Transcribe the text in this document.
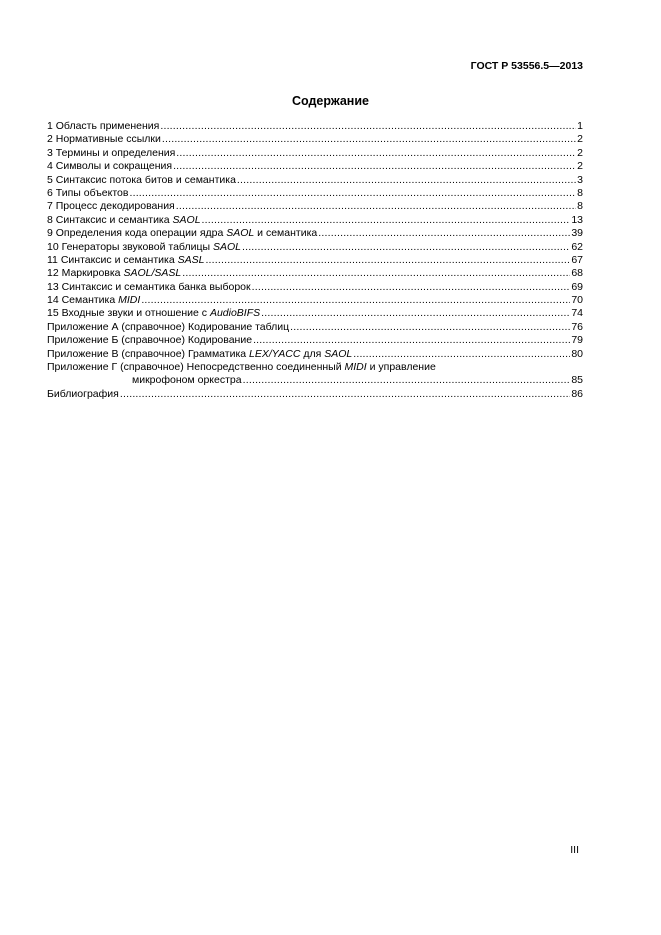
ГОСТ Р 53556.5—2013
Содержание
1 Область применения .....	1
2 Нормативные ссылки .....	2
3 Термины и определения .....	2
4 Символы и сокращения .....	2
5 Синтаксис потока битов и семантика .....	3
6 Типы объектов .....	8
7 Процесс декодирования .....	8
8 Синтаксис и семантика SAOL .....	13
9 Определения кода операции ядра SAOL и семантика .....	39
10 Генераторы звуковой таблицы SAOL .....	62
11 Синтаксис и семантика SASL .....	67
12 Маркировка SAOL/SASL .....	68
13 Синтаксис и семантика банка выборок .....	69
14 Семантика MIDI .....	70
15 Входные звуки и отношение с AudioBIFS .....	74
Приложение А (справочное) Кодирование таблиц .....	76
Приложение Б (справочное) Кодирование .....	79
Приложение В (справочное) Грамматика LEX/YACC для SAOL .....	80
Приложение Г (справочное) Непосредственно соединенный MIDI и управление
микрофоном оркестра .....	85
Библиография .....	86
III
